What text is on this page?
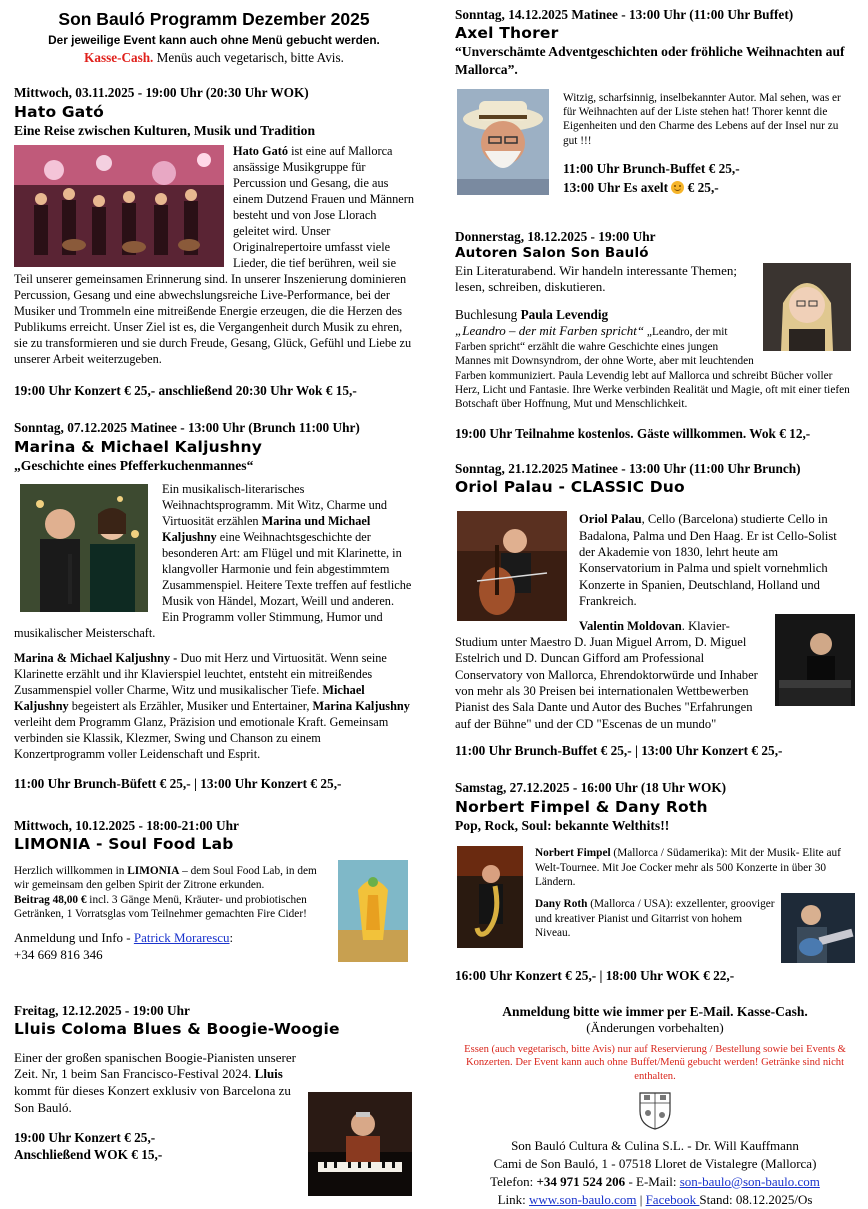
Son Bauló Programm Dezember 2025
Der jeweilige Event kann auch ohne Menü gebucht werden.
Kasse-Cash. Menüs auch vegetarisch, bitte Avis.
Mittwoch, 03.11.2025 - 19:00 Uhr (20:30 Uhr WOK)
Hato Gató
Eine Reise zwischen Kulturen, Musik und Tradition

Hato Gató ist eine auf Mallorca ansässige Musikgruppe für Percussion und Gesang, die aus einem Dutzend Frauen und Männern besteht und von Jose Llorach geleitet wird. Unser Originalrepertoire umfasst viele Lieder, die tief berühren, weil sie Teil unserer gemeinsamen Erinnerung sind. In unserer Inszenierung dominieren Percussion, Gesang und eine abwechslungsreiche Live-Performance, bei der Musiker und Trommeln eine mitreißende Energie erzeugen, die die Herzen des Publikums erreicht. Unser Ziel ist es, die Vergangenheit durch Musik zu ehren, sie zu transformieren und sie durch Freude, Gesang, Glück, Gefühl und Liebe zu unserer Arbeit weiterzugeben.

19:00 Uhr Konzert € 25,- anschließend 20:30 Uhr Wok € 15,-
Sonntag, 07.12.2025 Matinee - 13:00 Uhr (Brunch 11:00 Uhr)
Marina & Michael Kaljushny
„Geschichte eines Pfefferkuchenmannes“

Ein musikalisch-literarisches Weihnachtsprogramm. Mit Witz, Charme und Virtuosität erzählen Marina und Michael Kaljushny eine Weihnachtsgeschichte der besonderen Art: am Flügel und mit Klarinette, in klangvoller Harmonie und fein abgestimmtem Zusammenspiel. Heitere Texte treffen auf festliche Musik von Händel, Mozart, Weill und anderen. Ein Programm voller Stimmung, Humor und musikalischer Meisterschaft.

Marina & Michael Kaljushny - Duo mit Herz und Virtuosität. Wenn seine Klarinette erzählt und ihr Klavierspiel leuchtet, entsteht ein mitreißendes Zusammenspiel voller Charme, Witz und musikalischer Tiefe. Michael Kaljushny begeistert als Erzähler, Musiker und Entertainer, Marina Kaljushny verleiht dem Programm Glanz, Präzision und emotionale Kraft. Gemeinsam verbinden sie Klassik, Klezmer, Swing und Chanson zu einem Konzertprogramm voller Leidenschaft und Esprit.

11:00 Uhr Brunch-Büfett € 25,- | 13:00 Uhr Konzert € 25,-
Mittwoch, 10.12.2025 - 18:00-21:00 Uhr
LIMONIA - Soul Food Lab

Herzlich willkommen in LIMONIA – dem Soul Food Lab, in dem wir gemeinsam den gelben Spirit der Zitrone erkunden.
Beitrag 48,00 € incl. 3 Gänge Menü, Kräuter- und probiotischen Getränken, 1 Vorratsglas vom Teilnehmer gemachten Fire Cider!

Anmeldung und Info - Patrick Morarescu:
+34 669 816 346

Freitag, 12.12.2025 - 19:00 Uhr
Lluis Coloma Blues & Boogie-Woogie

Einer der großen spanischen Boogie-Pianisten unserer Zeit. Nr, 1 beim San Francisco-Festival 2024. Lluis kommt für dieses Konzert exklusiv von Barcelona zu Son Bauló.

19:00 Uhr Konzert € 25,-
Anschließend WOK € 15,-
Sonntag, 14.12.2025 Matinee - 13:00 Uhr (11:00 Uhr Buffet)
Axel Thorer
“Unverschämte Adventgeschichten oder fröhliche Weihnachten auf Mallorca”.

Witzig, scharfsinnig, inselbekannter Autor. Mal sehen, was er für Weihnachten auf der Liste stehen hat! Thorer kennt die Eigenheiten und den Charme des Lebens auf der Insel nur zu gut !!!

11:00 Uhr Brunch-Buffet € 25,-
13:00 Uhr Es axelt  € 25,-
Donnerstag, 18.12.2025 - 19:00 Uhr
Autoren Salon Son Bauló

Ein Literaturabend. Wir handeln interessante Themen; lesen, schreiben, diskutieren.

Buchlesung Paula Levendig

„Leandro – der mit Farben spricht“ „Leandro, der mit Farben spricht“ erzählt die wahre Geschichte eines jungen Mannes mit Downsyndrom, der ohne Worte, aber mit leuchtenden Farben kommuniziert. Paula Levendig lebt auf Mallorca und schreibt Bücher voller Herz, Licht und Fantasie. Ihre Werke verbinden Realität und Magie, oft mit einer tiefen Botschaft über Hoffnung, Mut und Menschlichkeit.

19:00 Uhr Teilnahme kostenlos. Gäste willkommen. Wok € 12,-
Sonntag, 21.12.2025 Matinee - 13:00 Uhr (11:00 Uhr Brunch)
Oriol Palau - CLASSIC Duo

Oriol Palau, Cello (Barcelona) studierte Cello in Badalona, Palma und Den Haag. Er ist Cello-Solist der Akademie von 1830, lehrt heute am Konservatorium in Palma und spielt vornehmlich Konzerte in Spanien, Deutschland, Holland und Frankreich.

Valentin Moldovan. Klavier-Studium unter Maestro D. Juan Miguel Arrom, D. Miguel Estelrich und D. Duncan Gifford am Professional Conservatory von Mallorca, Ehrendoktorwürde und Inhaber von mehr als 30 Preisen bei internationalen Wettbewerben Pianist des Sala Dante und Autor des Buches "Erfahrungen auf der Bühne" und der CD "Escenas de un mundo"

11:00 Uhr Brunch-Buffet € 25,- | 13:00 Uhr Konzert € 25,-
Samstag, 27.12.2025 - 16:00 Uhr (18 Uhr WOK)
Norbert Fimpel & Dany Roth
Pop, Rock, Soul: bekannte Welthits!!

Norbert Fimpel (Mallorca / Südamerika): Mit der Musik- Elite auf Welt-Tournee. Mit Joe Cocker mehr als 500 Konzerte in über 30 Ländern.

Dany Roth (Mallorca / USA): exzellenter, grooviger und kreativer Pianist und Gitarrist von hohem Niveau.

16:00 Uhr Konzert € 25,- | 18:00 Uhr WOK € 22,-
Anmeldung bitte wie immer per E-Mail. Kasse-Cash.
(Änderungen vorbehalten)
Essen (auch vegetarisch, bitte Avis) nur auf Reservierung / Bestellung sowie bei Events & Konzerten. Der Event kann auch ohne Buffet/Menü gebucht werden! Getränke sind nicht enthalten.
Son Bauló Cultura & Culina S.L. - Dr. Will Kauffmann
Cami de Son Bauló, 1 - 07518 Lloret de Vistalegre (Mallorca)
Telefon: +34 971 524 206 - E-Mail: son-baulo@son-baulo.com
Link: www.son-baulo.com | Facebook Stand: 08.12.2025/Os
